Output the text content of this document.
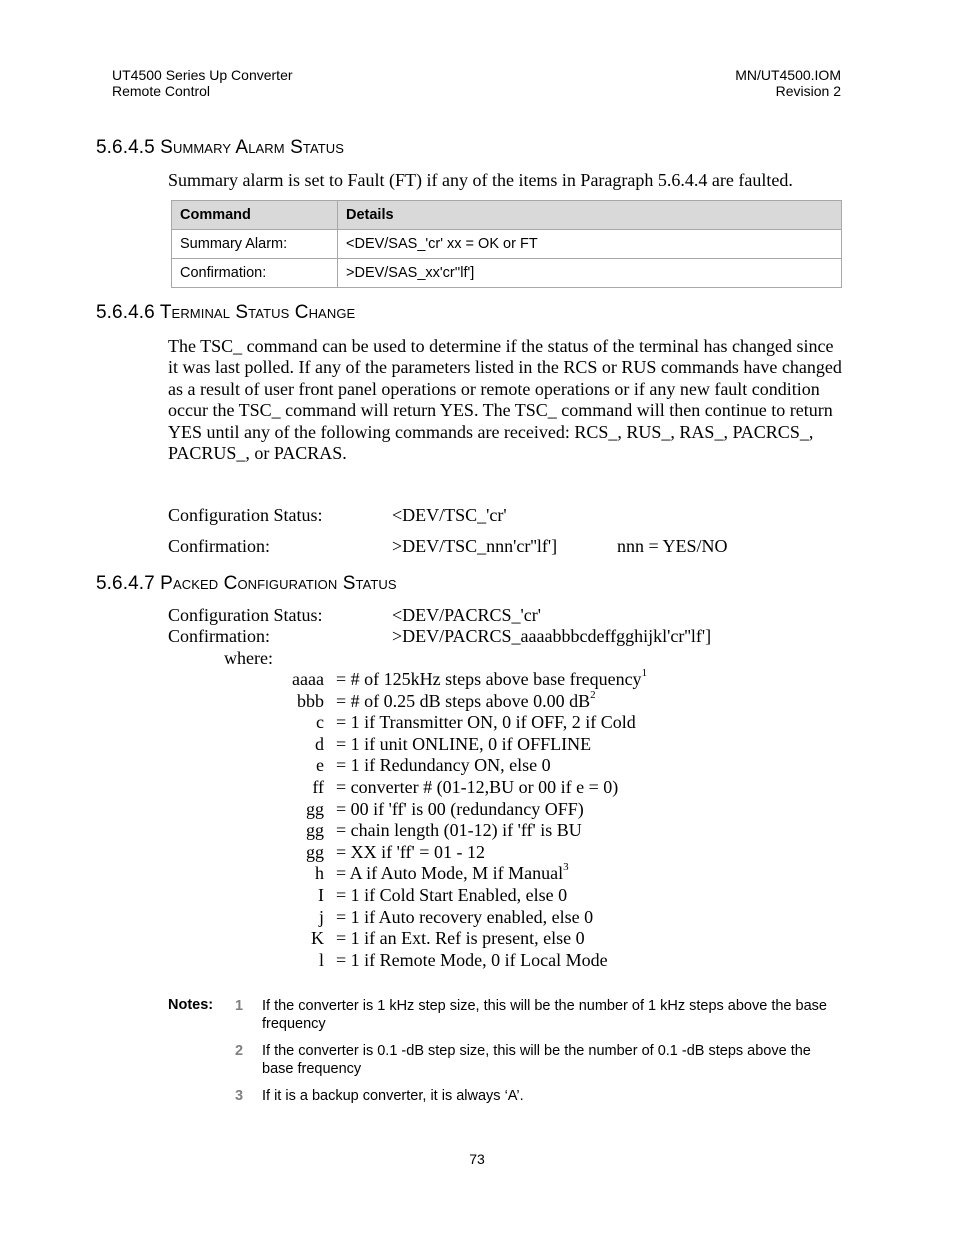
UT4500 Series Up Converter
Remote Control
MN/UT4500.IOM
Revision 2
5.6.4.5 Summary Alarm Status
Summary alarm is set to Fault (FT) if any of the items in Paragraph 5.6.4.4 are faulted.
Command	Details
Summary Alarm:	<DEV/SAS_'cr' xx = OK or FT
Confirmation:	>DEV/SAS_xx'cr''lf']
5.6.4.6 Terminal Status Change
The TSC_ command can be used to determine if the status of the terminal has changed since it was last polled. If any of the parameters listed in the RCS or RUS commands have changed as a result of user front panel operations or remote operations or if any new fault condition occur the TSC_ command will return YES. The TSC_ command will then continue to return YES until any of the following commands are received: RCS_, RUS_, RAS_, PACRCS_, PACRUS_, or PACRAS.
Configuration Status:	<DEV/TSC_'cr'
Confirmation:	>DEV/TSC_nnn'cr''lf']	nnn = YES/NO
5.6.4.7 Packed Configuration Status
Configuration Status:	<DEV/PACRCS_'cr'
Confirmation:	>DEV/PACRCS_aaaabbbcdeffgghijkl'cr''lf']
where:
aaaa = # of 125kHz steps above base frequency$^1$
bbb = # of 0.25 dB steps above 0.00 $dB^2$
c = 1 if Transmitter ON, 0 if OFF, 2 if Cold
d = 1 if unit ONLINE, 0 if OFFLINE
e = 1 if Redundancy ON, else 0
ff = converter # (01-12,BU or 00 if e = 0)
gg = 00 if 'ff' is 00 (redundancy OFF)
gg = chain length (01-12) if 'ff' is BU
gg = XX if 'ff' = 01 - 12
h = A if Auto Mode, M if Manual$^3$
I = 1 if Cold Start Enabled, else 0
j = 1 if Auto recovery enabled, else 0
K = 1 if an Ext. Ref is present, else 0
l = 1 if Remote Mode, 0 if Local Mode
Notes:	1	If the converter is 1 kHz step size, this will be the number of 1 kHz steps above the base frequency
2	If the converter is 0.1 -dB step size, this will be the number of 0.1 -dB steps above the base frequency
3	If it is a backup converter, it is always ‘A’.
73
